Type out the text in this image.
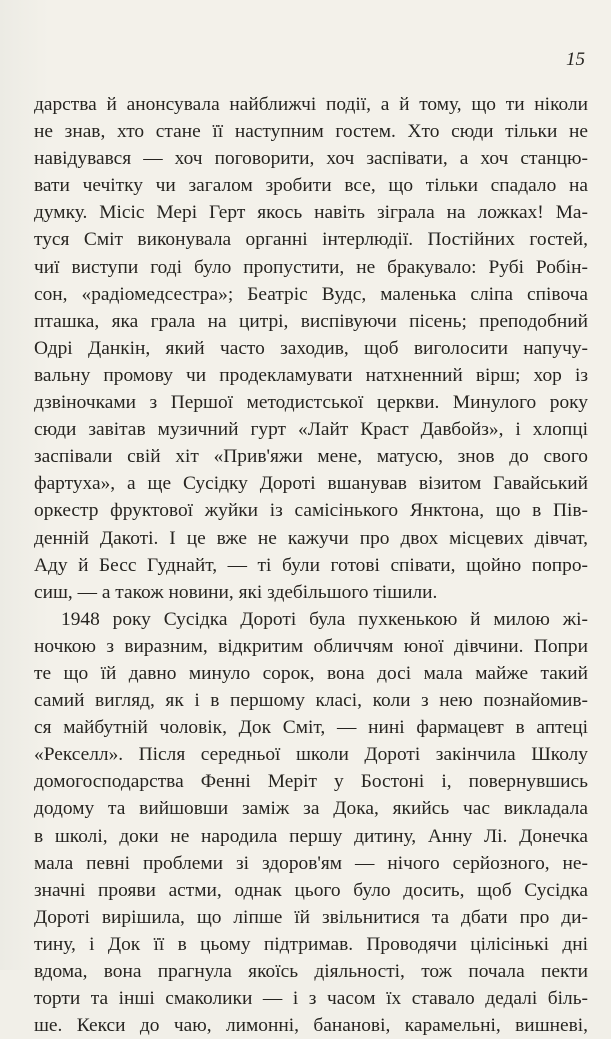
15
дарства й анонсувала найближчі події, а й тому, що ти ніколи
не знав, хто стане її наступним гостем. Хто сюди тільки не
навідувався — хоч поговорити, хоч заспівати, а хоч станцю-
вати чечітку чи загалом зробити все, що тільки спадало на
думку. Місіс Мері Герт якось навіть зіграла на ложках! Ма-
туся Сміт виконувала органні інтерлюдії. Постійних гостей,
чиї виступи годі було пропустити, не бракувало: Рубі Робін-
сон, «радіомедсестра»; Беатріс Вудс, маленька сліпа співоча
пташка, яка грала на цитрі, виспівуючи пісень; преподобний
Одрі Данкін, який часто заходив, щоб виголосити напучу-
вальну промову чи продекламувати натхненний вірш; хор із
дзвіночками з Першої методистської церкви. Минулого року
сюди завітав музичний гурт «Лайт Краст Давбойз», і хлопці
заспівали свій хіт «Прив'яжи мене, матусю, знов до свого
фартуха», а ще Сусідку Дороті вшанував візитом Гавайський
оркестр фруктової жуйки із самісінького Янктона, що в Пів-
денній Дакоті. І це вже не кажучи про двох місцевих дівчат,
Аду й Бесс Гуднайт, — ті були готові співати, щойно попро-
сиш, — а також новини, які здебільшого тішили.
1948 року Сусідка Дороті була пухкенькою й милою жі-
ночкою з виразним, відкритим обличчям юної дівчини. Попри
те що їй давно минуло сорок, вона досі мала майже такий
самий вигляд, як і в першому класі, коли з нею познайомив-
ся майбутній чоловік, Док Сміт, — нині фармацевт в аптеці
«Рекселл». Після середньої школи Дороті закінчила Школу
домогосподарства Фенні Меріт у Бостоні і, повернувшись
додому та вийшовши заміж за Дока, якийсь час викладала
в школі, доки не народила першу дитину, Анну Лі. Донечка
мала певні проблеми зі здоров'ям — нічого серйозного, не-
значні прояви астми, однак цього було досить, щоб Сусідка
Дороті вирішила, що ліпше їй звільнитися та дбати про ди-
тину, і Док її в цьому підтримав. Проводячи цілісінькі дні
вдома, вона прагнула якоїсь діяльності, тож почала пекти
торти та інші смаколики — і з часом їх ставало дедалі біль-
ше. Кекси до чаю, лимонні, бананові, карамельні, вишневі,
